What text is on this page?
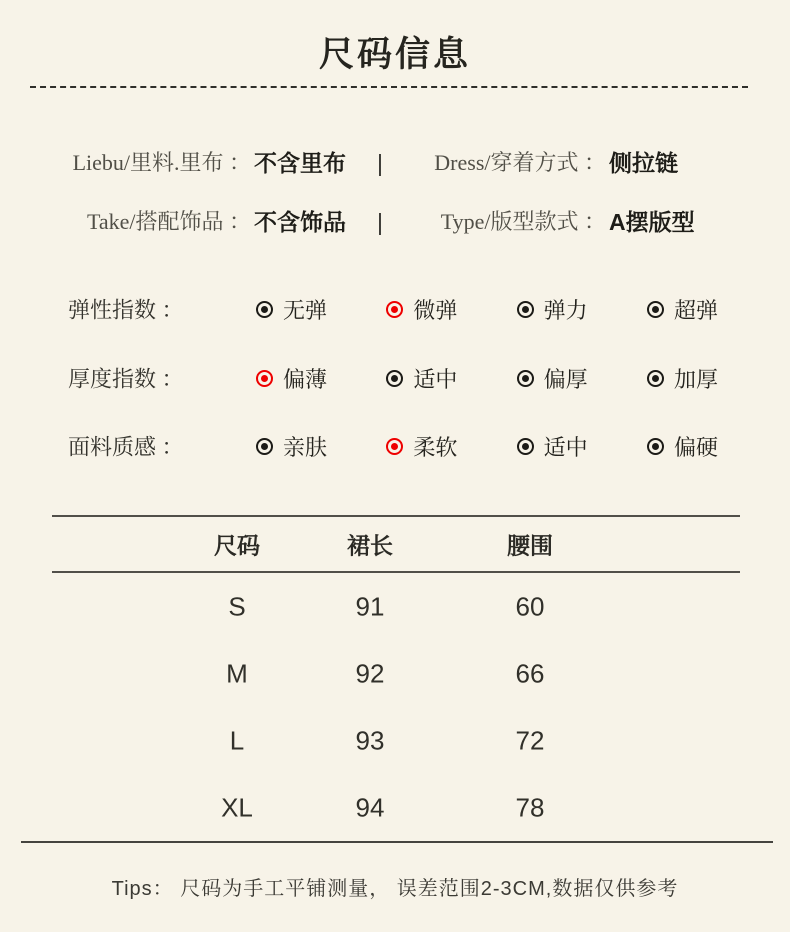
尺码信息
Liebu/里料.里布 ： 不含里布 |	Dress/穿着方式 ： 侧拉链
Take/搭配饰品 ： 不含饰品 |	Type/版型款式 ： A摆版型
弹性指数 ：	无弹	微弹	弹力	超弹
厚度指数 ：	偏薄	适中	偏厚	加厚
面料质感 ：	亲肤	柔软	适中	偏硬
尺码	裙长	腰围
S	91	60
M	92	66
L	93	72
XL	94	78
Tips： 尺码为手工平铺测量， 误差范围2-3CM,数据仅供参考
